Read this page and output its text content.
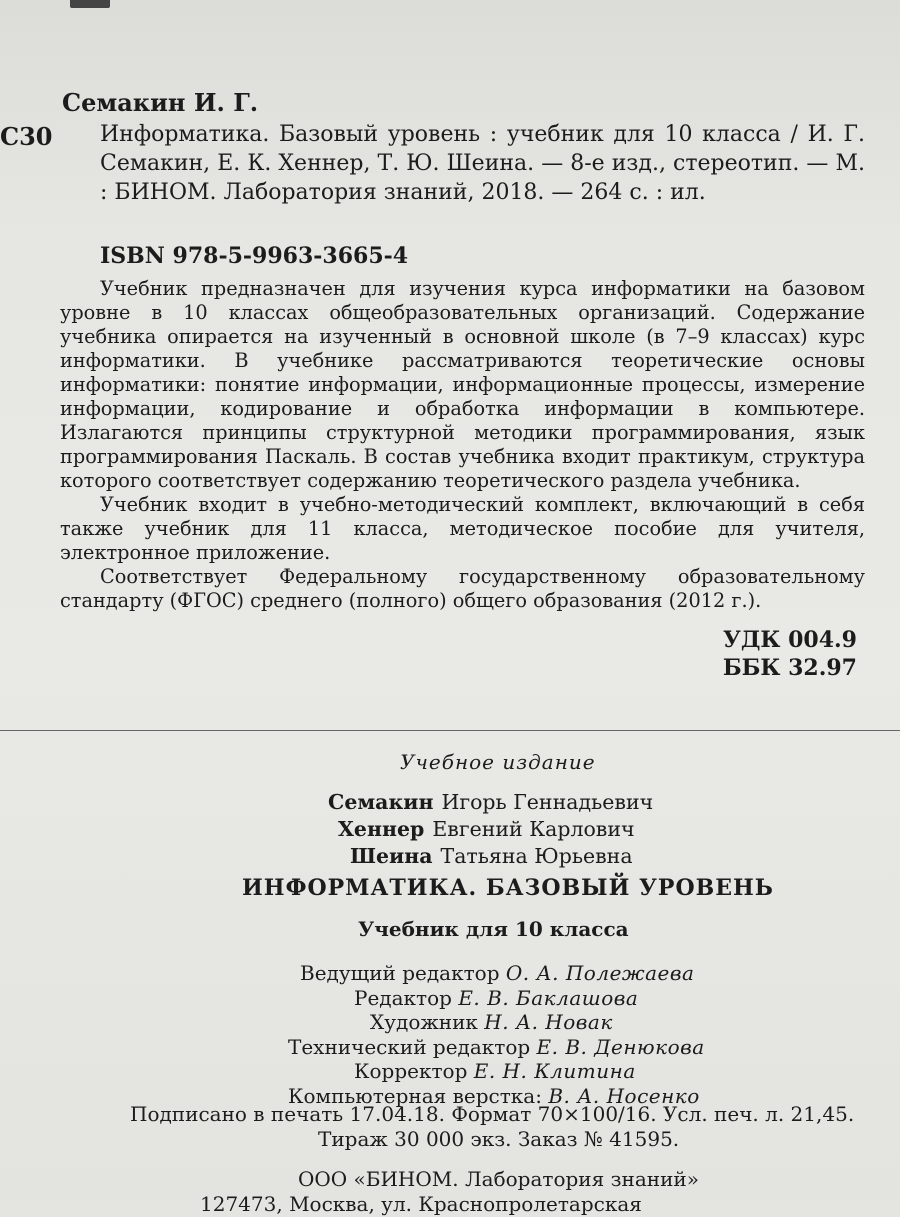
С30
Семакин И. Г.
Информатика. Базовый уровень : учебник для 10 класса / И. Г. Семакин, Е. К. Хеннер, Т. Ю. Шеина. — 8-е изд., стереотип. — М. : БИНОМ. Лаборатория знаний, 2018. — 264 с. : ил.
ISBN 978-5-9963-3665-4

Учебник предназначен для изучения курса информатики на базовом уровне в 10 классах общеобразовательных организаций. Содержание учебника опирается на изученный в основной школе (в 7–9 классах) курс информатики. В учебнике рассматриваются теоретические основы информатики: понятие информации, информационные процессы, измерение информации, кодирование и обработка информации в компьютере. Излагаются принципы структурной методики программирования, язык программирования Паскаль. В состав учебника входит практикум, структура которого соответствует содержанию теоретического раздела учебника.

Учебник входит в учебно-методический комплект, включающий в себя также учебник для 11 класса, методическое пособие для учителя, электронное приложение.

Соответствует Федеральному государственному образовательному стандарту (ФГОС) среднего (полного) общего образования (2012 г.).

УДК 004.9
ББК 32.97
Учебное издание
Семакин Игорь Геннадьевич
Хеннер Евгений Карлович
Шеина Татьяна Юрьевна
ИНФОРМАТИКА. БАЗОВЫЙ УРОВЕНЬ
Учебник для 10 класса
Ведущий редактор О. А. Полежаева
Редактор Е. В. Баклашова
Художник Н. А. Новак
Технический редактор Е. В. Денюкова
Корректор Е. Н. Клитина
Компьютерная верстка: В. А. Носенко
Подписано в печать 17.04.18. Формат 70×100/16. Усл. печ. л. 21,45.
Тираж 30 000 экз. Заказ № 41595.
ООО «БИНОМ. Лаборатория знаний»
127473, Москва, ул. Краснопролетарская
